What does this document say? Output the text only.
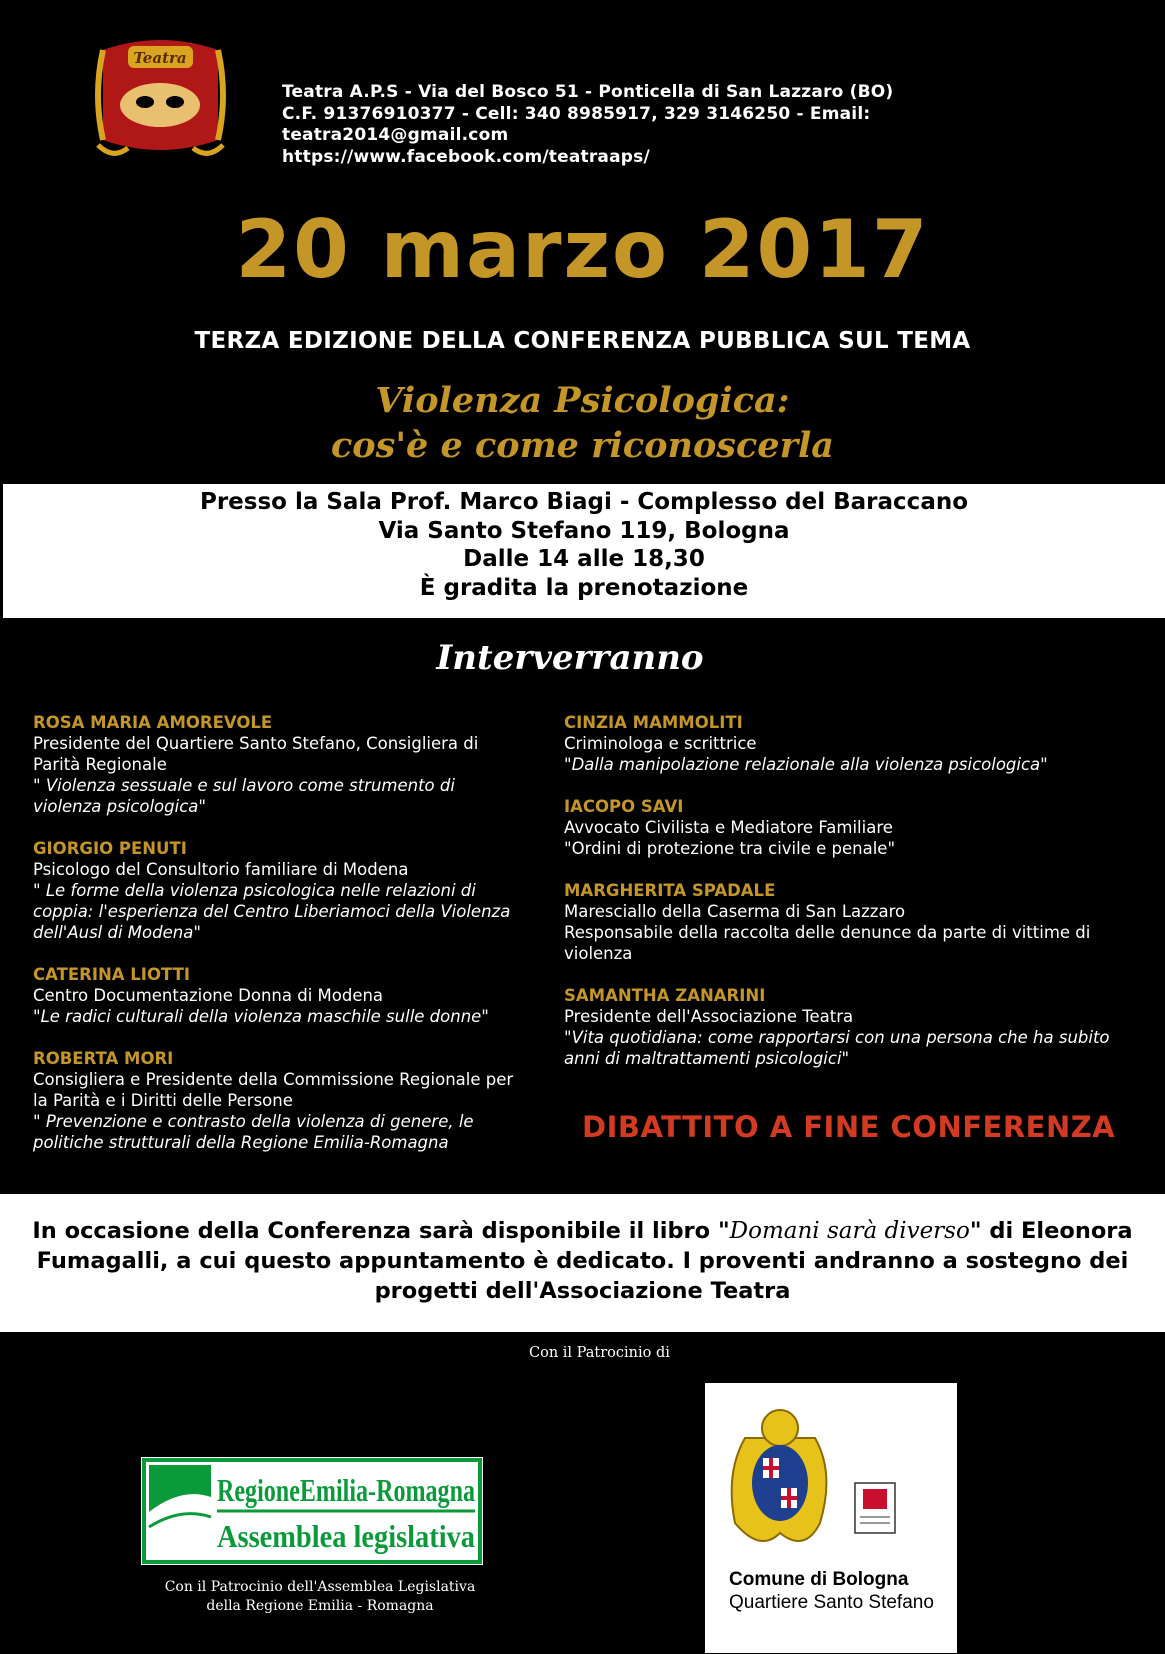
Teatra
Teatra A.P.S - Via del Bosco 51 - Ponticella di San Lazzaro (BO)
C.F. 91376910377 - Cell: 340 8985917, 329 3146250 - Email:
teatra2014@gmail.com
https://www.facebook.com/teatraaps/
20 marzo 2017
TERZA EDIZIONE DELLA CONFERENZA PUBBLICA SUL TEMA
Violenza Psicologica:
cos'è e come riconoscerla
Presso la Sala Prof. Marco Biagi - Complesso del Baraccano
Via Santo Stefano 119, Bologna
Dalle 14 alle 18,30
È gradita la prenotazione
Interverranno
ROSA MARIA AMOREVOLE
Presidente del Quartiere Santo Stefano, Consigliera di Parità Regionale
" Violenza sessuale e sul lavoro come strumento di violenza psicologica"
GIORGIO PENUTI
Psicologo del Consultorio familiare di Modena
" Le forme della violenza psicologica nelle relazioni di coppia: l'esperienza del Centro Liberiamoci della Violenza dell'Ausl di Modena"
CATERINA LIOTTI
Centro Documentazione Donna di Modena
"Le radici culturali della violenza maschile sulle donne"
ROBERTA MORI
Consigliera e Presidente della Commissione Regionale per la Parità e i Diritti delle Persone
" Prevenzione e contrasto della violenza di genere, le politiche strutturali della Regione Emilia-Romagna
CINZIA MAMMOLITI
Criminologa e scrittrice
"Dalla manipolazione relazionale alla violenza psicologica"
IACOPO SAVI
Avvocato Civilista e Mediatore Familiare
"Ordini di protezione tra civile e penale"
MARGHERITA SPADALE
Maresciallo della Caserma di San Lazzaro
Responsabile della raccolta delle denunce da parte di vittime di violenza
SAMANTHA ZANARINI
Presidente dell'Associazione Teatra
"Vita quotidiana: come rapportarsi con una persona che ha subito anni di maltrattamenti psicologici"
DIBATTITO A FINE CONFERENZA

In occasione della Conferenza sarà disponibile il libro "Domani sarà diverso" di Eleonora Fumagalli, a cui questo appuntamento è dedicato. I proventi andranno a sostegno dei progetti dell'Associazione Teatra

Con il Patrocinio di
RegioneEmilia-Romagna
Assemblea legislativa
Con il Patrocinio dell'Assemblea Legislativa
della Regione Emilia - Romagna
Comune di Bologna
Quartiere Santo Stefano
